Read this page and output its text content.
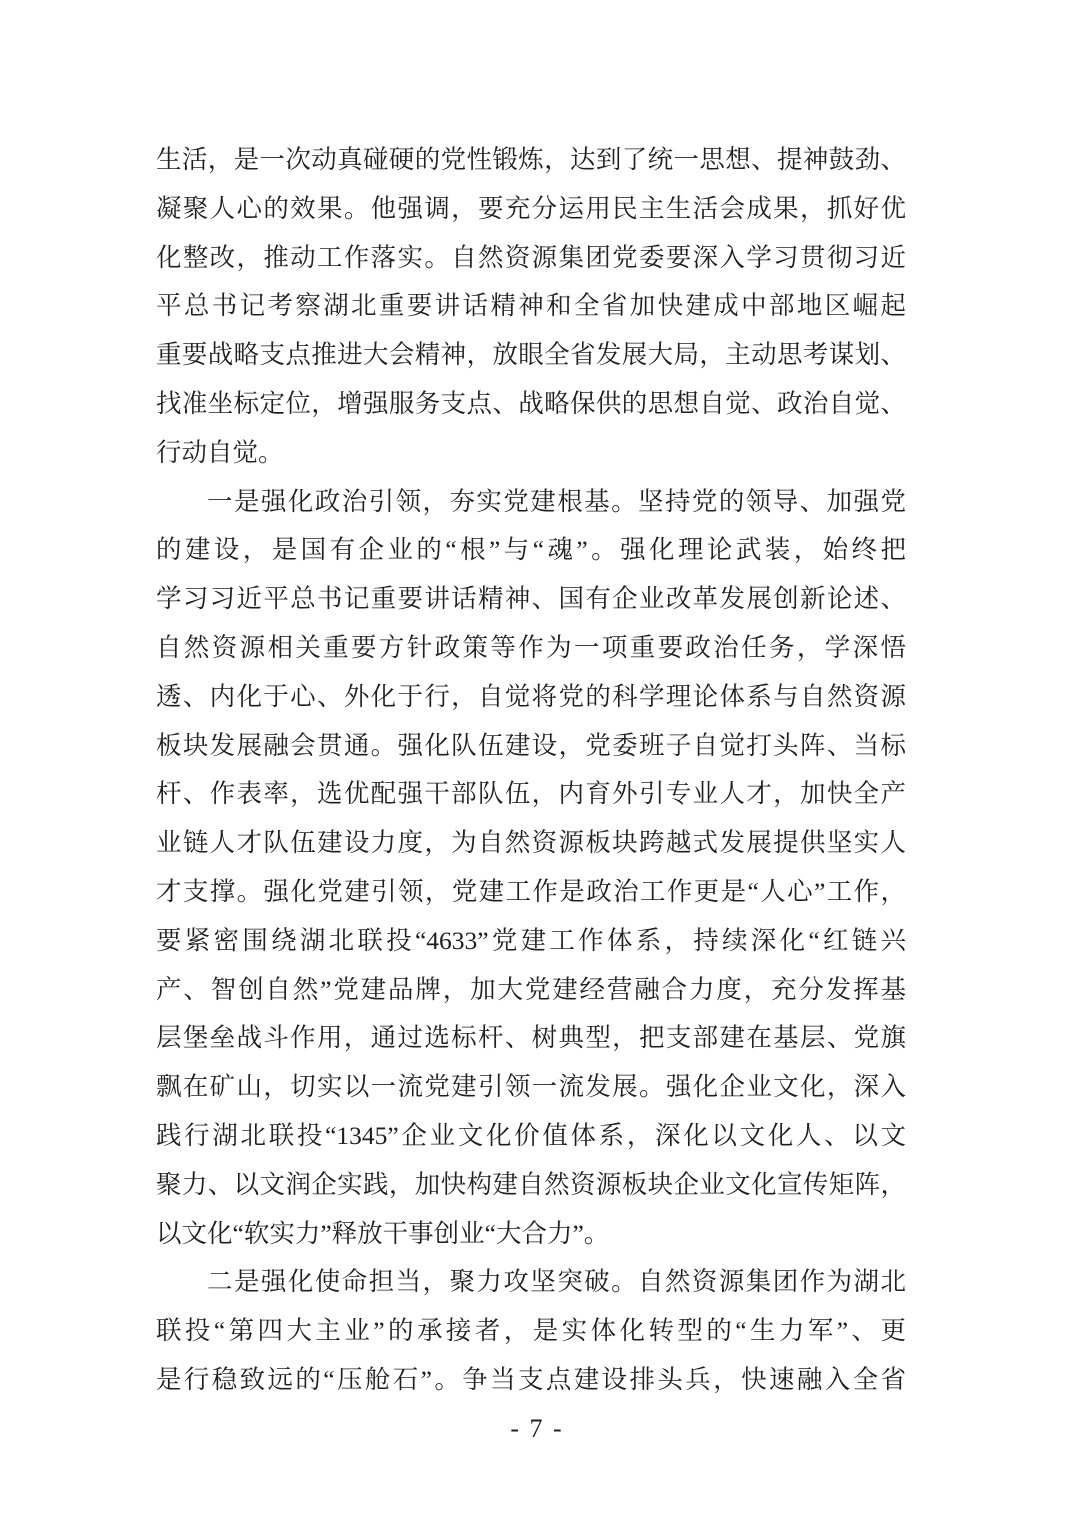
生活，是一次动真碰硬的党性锻炼，达到了统一思想、提神鼓劲、
凝聚人心的效果。他强调，要充分运用民主生活会成果，抓好优
化整改，推动工作落实。自然资源集团党委要深入学习贯彻习近
平总书记考察湖北重要讲话精神和全省加快建成中部地区崛起
重要战略支点推进大会精神，放眼全省发展大局，主动思考谋划、
找准坐标定位，增强服务支点、战略保供的思想自觉、政治自觉、
行动自觉。
一是强化政治引领，夯实党建根基。坚持党的领导、加强党
的建设，是国有企业的“根”与“魂”。强化理论武装，始终把
学习习近平总书记重要讲话精神、国有企业改革发展创新论述、
自然资源相关重要方针政策等作为一项重要政治任务，学深悟
透、内化于心、外化于行，自觉将党的科学理论体系与自然资源
板块发展融会贯通。强化队伍建设，党委班子自觉打头阵、当标
杆、作表率，选优配强干部队伍，内育外引专业人才，加快全产
业链人才队伍建设力度，为自然资源板块跨越式发展提供坚实人
才支撑。强化党建引领，党建工作是政治工作更是“人心”工作，
要紧密围绕湖北联投“4633”党建工作体系，持续深化“红链兴
产、智创自然”党建品牌，加大党建经营融合力度，充分发挥基
层堡垒战斗作用，通过选标杆、树典型，把支部建在基层、党旗
飘在矿山，切实以一流党建引领一流发展。强化企业文化，深入
践行湖北联投“1345”企业文化价值体系，深化以文化人、以文
聚力、以文润企实践，加快构建自然资源板块企业文化宣传矩阵，
以文化“软实力”释放干事创业“大合力”。
二是强化使命担当，聚力攻坚突破。自然资源集团作为湖北
联投“第四大主业”的承接者，是实体化转型的“生力军”、更
是行稳致远的“压舱石”。争当支点建设排头兵，快速融入全省
- 7 -
